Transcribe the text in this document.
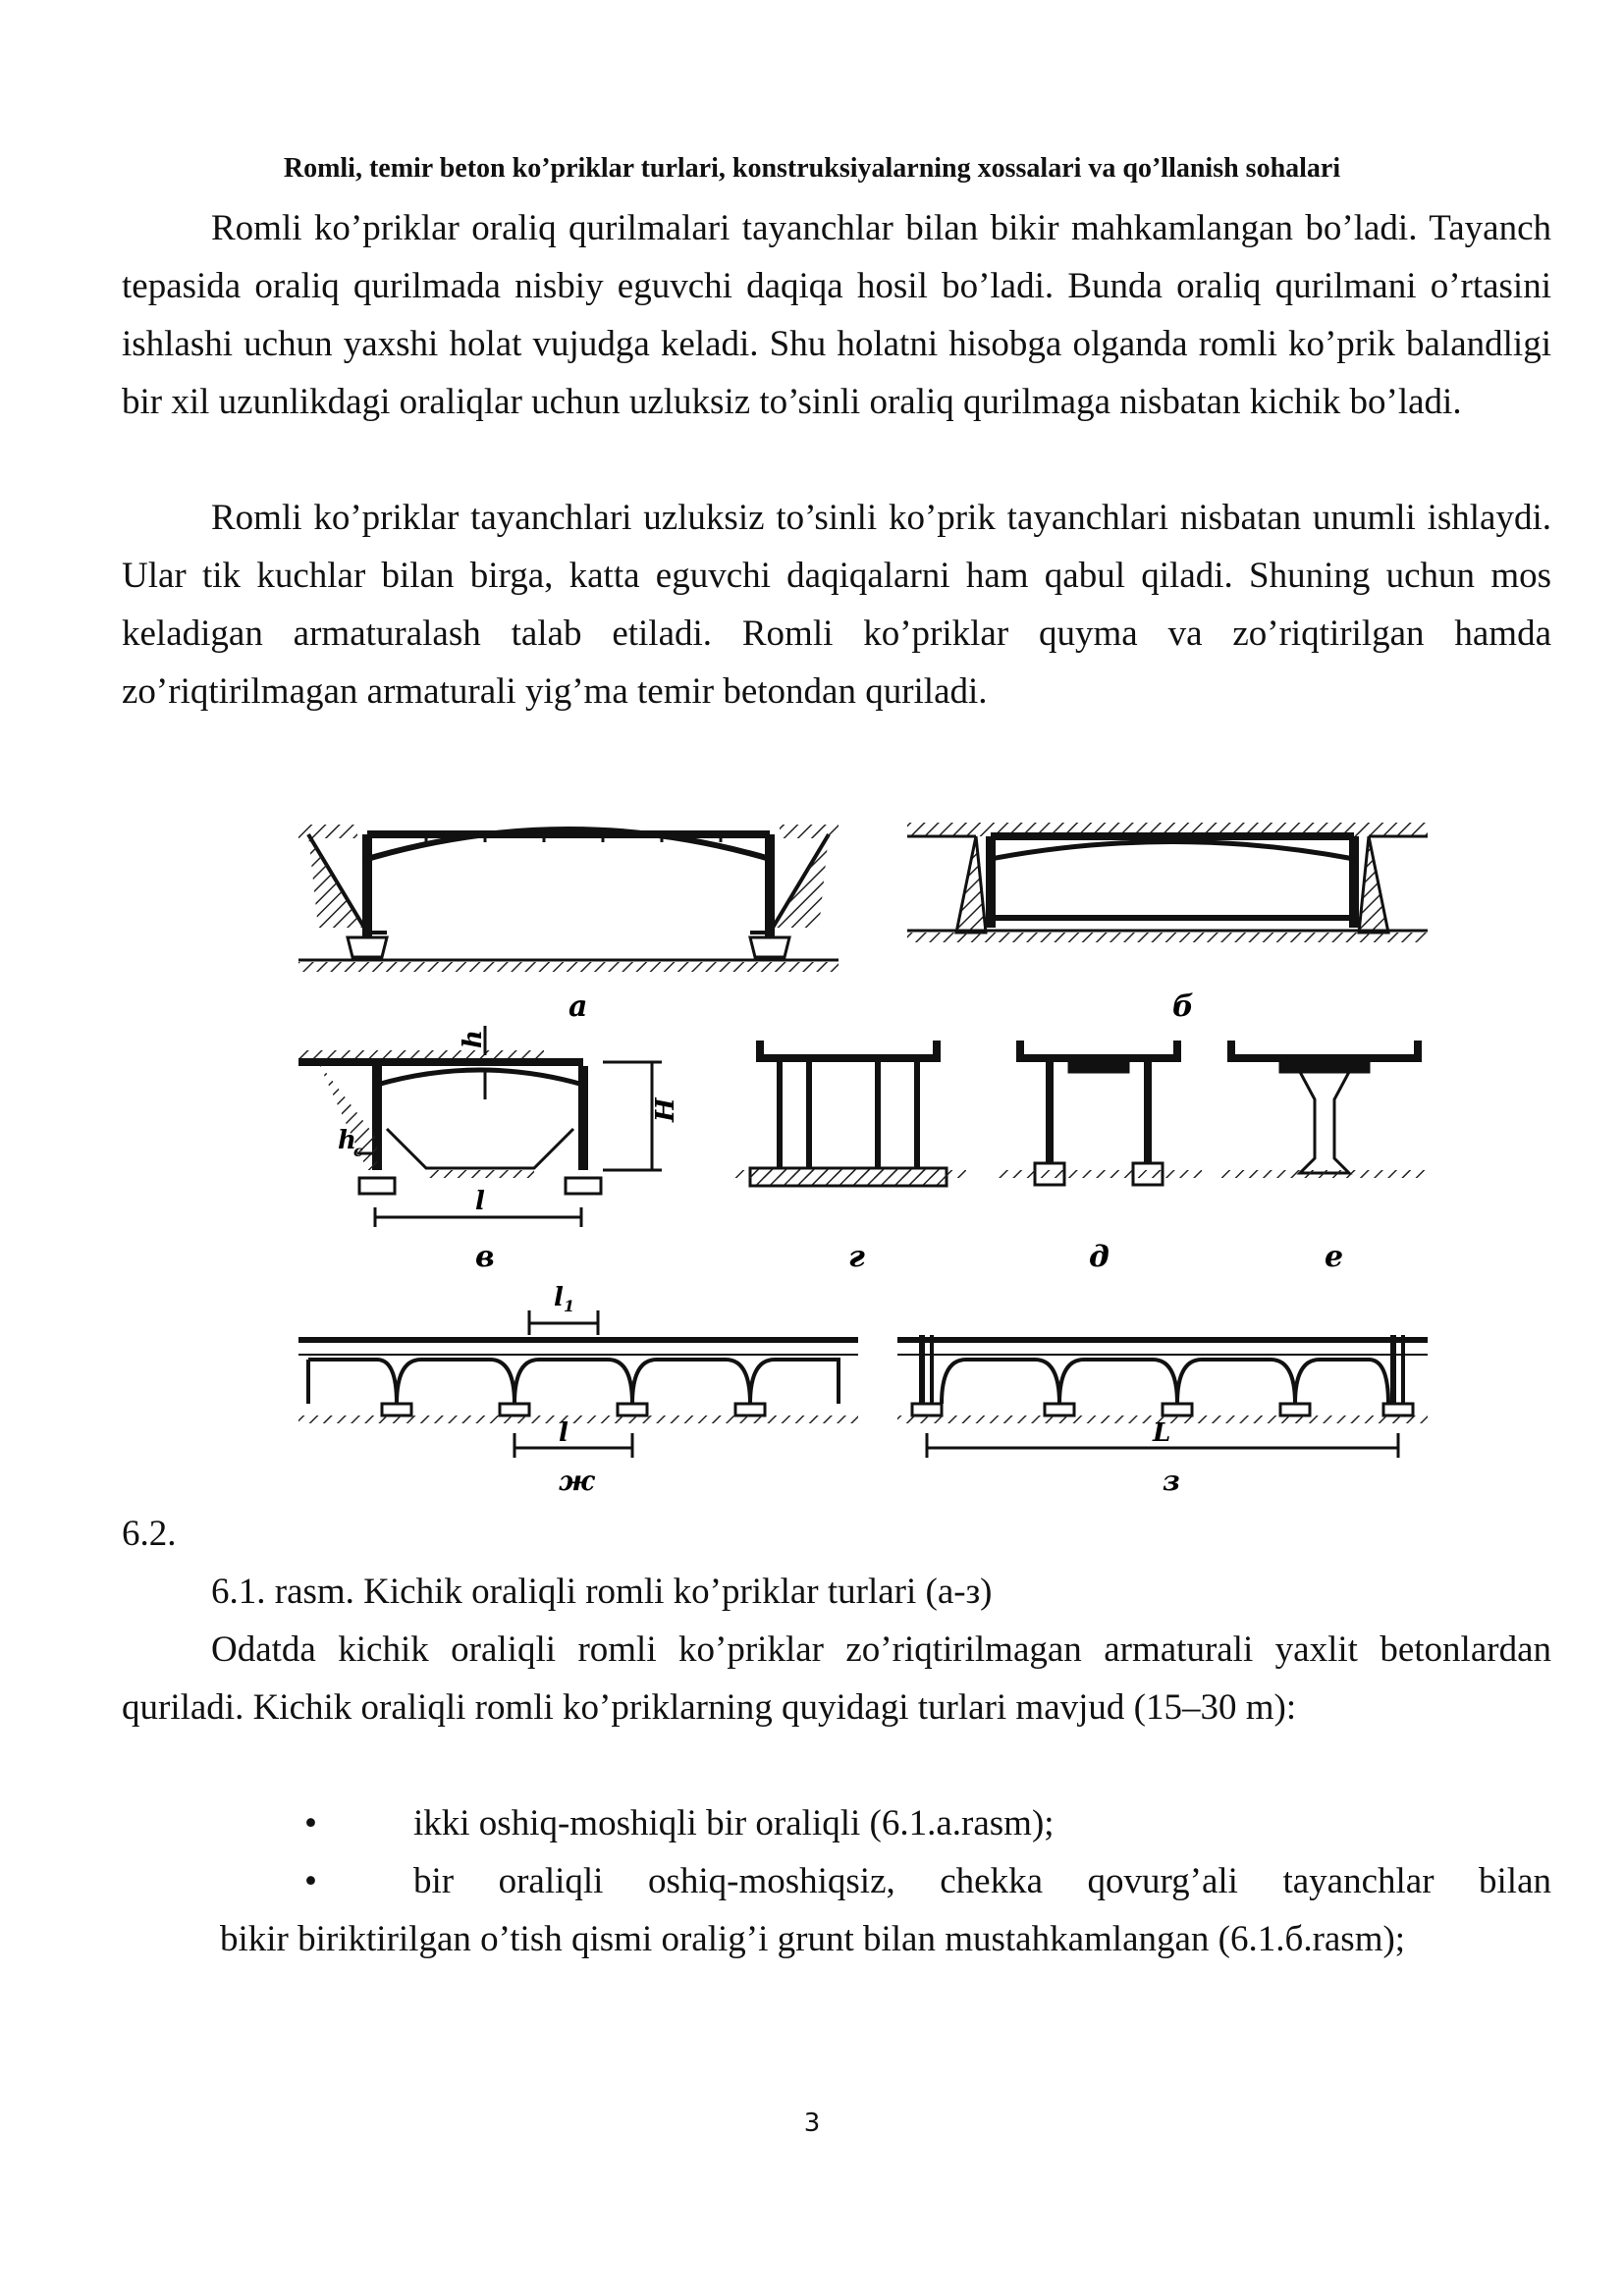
Romli, temir beton ko’priklar turlari, konstruksiyalarning xossalari va qo’llanish sohalari

Romli ko’priklar oraliq qurilmalari tayanchlar bilan bikir mahkamlangan bo’ladi. Tayanch tepasida oraliq qurilmada nisbiy eguvchi daqiqa hosil bo’ladi. Bunda oraliq qurilmani o’rtasini ishlashi uchun yaxshi holat vujudga keladi. Shu holatni hisobga olganda romli ko’prik balandligi bir xil uzunlikdagi oraliqlar uchun uzluksiz to’sinli oraliq qurilmaga nisbatan kichik bo’ladi.

Romli ko’priklar tayanchlari uzluksiz to’sinli ko’prik tayanchlari nisbatan unumli ishlaydi. Ular tik kuchlar bilan birga, katta eguvchi daqiqalarni ham qabul qiladi. Shuning uchun mos keladigan armaturalash talab etiladi. Romli ko’priklar quyma va zo’riqtirilgan hamda zo’riqtirilmagan armaturali yig’ma temir betondan quriladi.

а	б
h
h
c
H
l
в	г	д	е
l 1
l
ж
L
з

6.2.

6.1. rasm. Kichik oraliqli romli ko’priklar turlari (а-з)

Odatda kichik oraliqli romli ko’priklar zo’riqtirilmagan armaturali yaxlit betonlardan quriladi. Kichik oraliqli romli ko’priklarning quyidagi turlari mavjud (15–30 m):

•	ikki oshiq-moshiqli bir oraliqli (6.1.a.rasm);
•	bir oraliqli oshiq-moshiqsiz, chekka qovurg’ali tayanchlar bilan

bikir biriktirilgan o’tish qismi oralig’i grunt bilan mustahkamlangan (6.1.б.rasm);

3
